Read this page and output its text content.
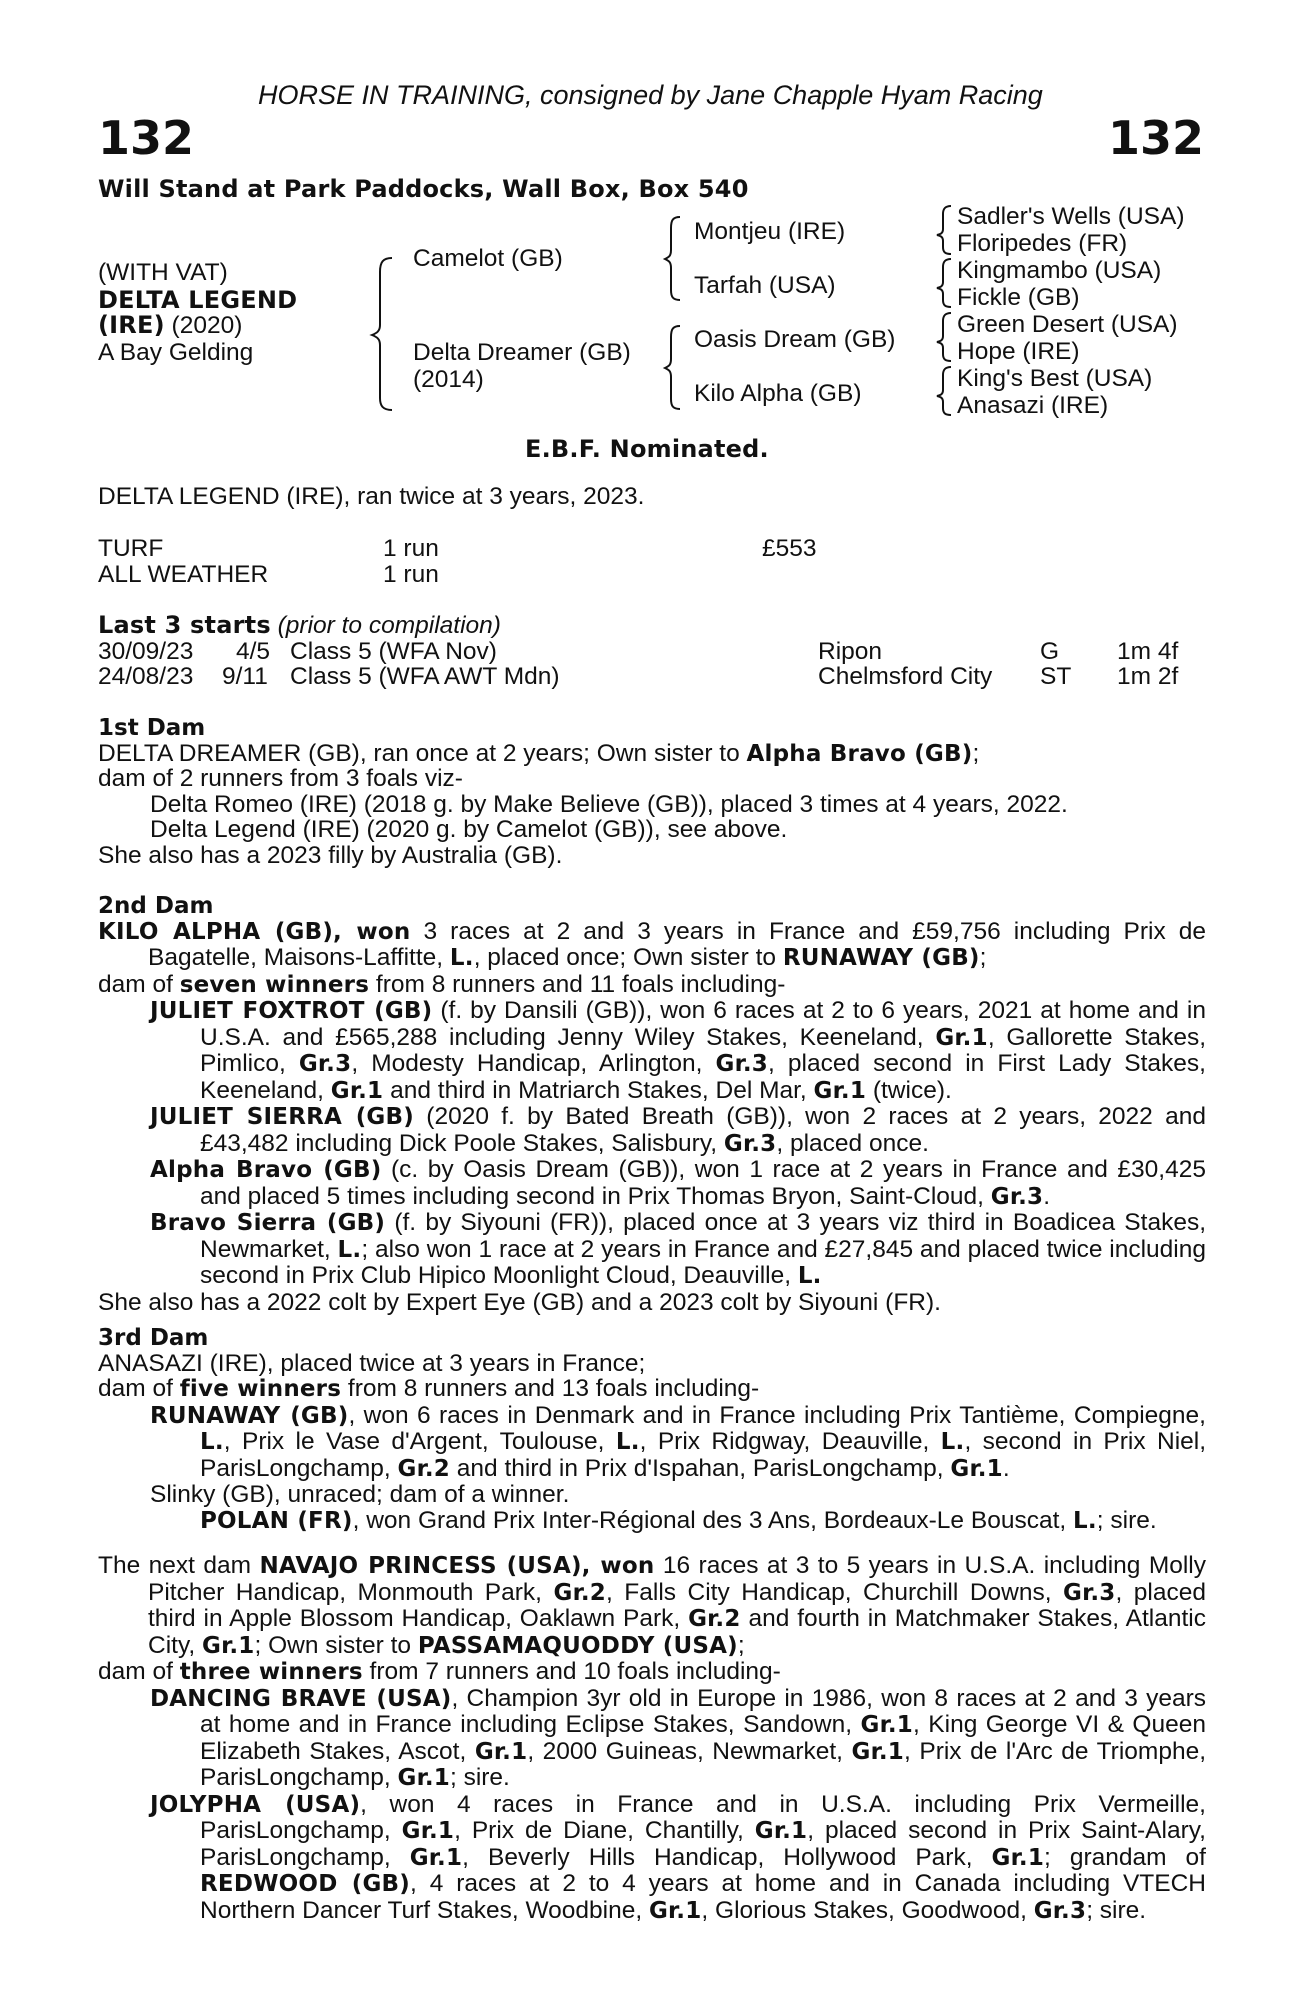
HORSE IN TRAINING, consigned by Jane Chapple Hyam Racing
132	132
Will Stand at Park Paddocks, Wall Box, Box 540
(WITH VAT)
DELTA LEGEND
(IRE) (2020)
A Bay Gelding
Camelot (GB)
Delta Dreamer (GB)
(2014)
Montjeu (IRE)
Tarfah (USA)
Oasis Dream (GB)
Kilo Alpha (GB)
Sadler's Wells (USA)
Floripedes (FR)
Kingmambo (USA)
Fickle (GB)
Green Desert (USA)
Hope (IRE)
King's Best (USA)
Anasazi (IRE)
E.B.F. Nominated.
DELTA LEGEND (IRE), ran twice at 3 years, 2023.
TURF	1 run	£553
ALL WEATHER	1 run
Last 3 starts (prior to compilation)
30/09/23 4/5 Class 5 (WFA Nov)	Ripon	G 1m 4f
24/08/23 9/11 Class 5 (WFA AWT Mdn)	Chelmsford City ST 1m 2f
1st Dam
DELTA DREAMER (GB), ran once at 2 years; Own sister to Alpha Bravo (GB);
dam of 2 runners from 3 foals viz-
Delta Romeo (IRE) (2018 g. by Make Believe (GB)), placed 3 times at 4 years, 2022.
Delta Legend (IRE) (2020 g. by Camelot (GB)), see above.
She also has a 2023 filly by Australia (GB).
2nd Dam

KILO ALPHA (GB), won 3 races at 2 and 3 years in France and £59,756 including Prix de Bagatelle, Maisons-Laffitte, L., placed once; Own sister to RUNAWAY (GB);

dam of seven winners from 8 runners and 11 foals including-

JULIET FOXTROT (GB) (f. by Dansili (GB)), won 6 races at 2 to 6 years, 2021 at home and in U.S.A. and £565,288 including Jenny Wiley Stakes, Keeneland, Gr.1, Gallorette Stakes, Pimlico, Gr.3, Modesty Handicap, Arlington, Gr.3, placed second in First Lady Stakes, Keeneland, Gr.1 and third in Matriarch Stakes, Del Mar, Gr.1 (twice).

JULIET SIERRA (GB) (2020 f. by Bated Breath (GB)), won 2 races at 2 years, 2022 and £43,482 including Dick Poole Stakes, Salisbury, Gr.3, placed once.

Alpha Bravo (GB) (c. by Oasis Dream (GB)), won 1 race at 2 years in France and £30,425 and placed 5 times including second in Prix Thomas Bryon, Saint-Cloud, Gr.3.

Bravo Sierra (GB) (f. by Siyouni (FR)), placed once at 3 years viz third in Boadicea Stakes, Newmarket, L.; also won 1 race at 2 years in France and £27,845 and placed twice including second in Prix Club Hipico Moonlight Cloud, Deauville, L.

She also has a 2022 colt by Expert Eye (GB) and a 2023 colt by Siyouni (FR).

3rd Dam

ANASAZI (IRE), placed twice at 3 years in France;

dam of five winners from 8 runners and 13 foals including-

RUNAWAY (GB), won 6 races in Denmark and in France including Prix Tantième, Compiegne, L., Prix le Vase d'Argent, Toulouse, L., Prix Ridgway, Deauville, L., second in Prix Niel, ParisLongchamp, Gr.2 and third in Prix d'Ispahan, ParisLongchamp, Gr.1.

Slinky (GB), unraced; dam of a winner.

POLAN (FR), won Grand Prix Inter-Régional des 3 Ans, Bordeaux-Le Bouscat, L.; sire.

The next dam NAVAJO PRINCESS (USA), won 16 races at 3 to 5 years in U.S.A. including Molly Pitcher Handicap, Monmouth Park, Gr.2, Falls City Handicap, Churchill Downs, Gr.3, placed third in Apple Blossom Handicap, Oaklawn Park, Gr.2 and fourth in Matchmaker Stakes, Atlantic City, Gr.1; Own sister to PASSAMAQUODDY (USA);

dam of three winners from 7 runners and 10 foals including-

DANCING BRAVE (USA), Champion 3yr old in Europe in 1986, won 8 races at 2 and 3 years at home and in France including Eclipse Stakes, Sandown, Gr.1, King George VI & Queen Elizabeth Stakes, Ascot, Gr.1, 2000 Guineas, Newmarket, Gr.1, Prix de l'Arc de Triomphe, ParisLongchamp, Gr.1; sire.

JOLYPHA (USA), won 4 races in France and in U.S.A. including Prix Vermeille, ParisLongchamp, Gr.1, Prix de Diane, Chantilly, Gr.1, placed second in Prix Saint-Alary, ParisLongchamp, Gr.1, Beverly Hills Handicap, Hollywood Park, Gr.1; grandam of REDWOOD (GB), 4 races at 2 to 4 years at home and in Canada including VTECH Northern Dancer Turf Stakes, Woodbine, Gr.1, Glorious Stakes, Goodwood, Gr.3; sire.
